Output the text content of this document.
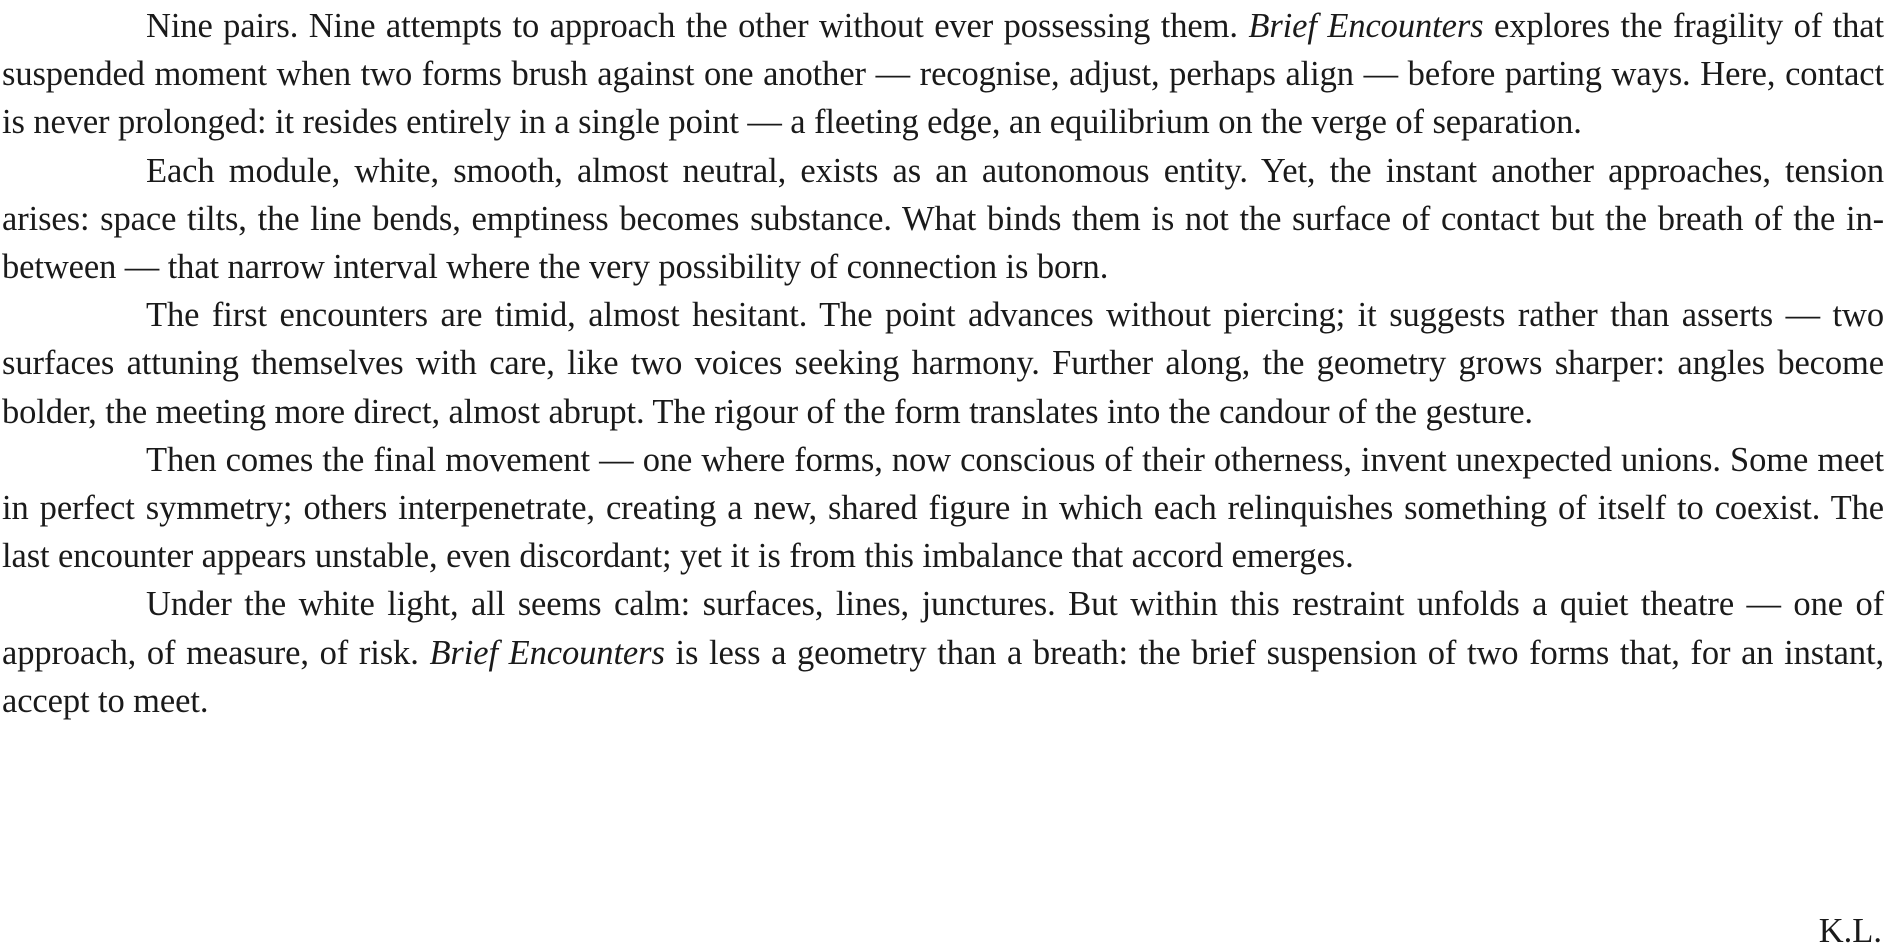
Nine pairs. Nine attempts to approach the other without ever possessing them. Brief Encounters explores the fragility of that suspended moment when two forms brush against one another — recognise, adjust, perhaps align — before parting ways. Here, contact is never prolonged: it resides entirely in a single point — a fleeting edge, an equilibrium on the verge of separation.

Each module, white, smooth, almost neutral, exists as an autonomous entity. Yet, the instant another approaches, tension arises: space tilts, the line bends, emptiness becomes substance. What binds them is not the surface of contact but the breath of the in-between — that narrow interval where the very possibility of connection is born.

The first encounters are timid, almost hesitant. The point advances without piercing; it suggests rather than asserts — two surfaces attuning themselves with care, like two voices seeking harmony. Further along, the geometry grows sharper: angles become bolder, the meeting more direct, almost abrupt. The rigour of the form translates into the candour of the gesture.

Then comes the final movement — one where forms, now conscious of their otherness, invent unexpected unions. Some meet in perfect symmetry; others interpenetrate, creating a new, shared figure in which each relinquishes something of itself to coexist. The last encounter appears unstable, even discordant; yet it is from this imbalance that accord emerges.

Under the white light, all seems calm: surfaces, lines, junctures. But within this restraint unfolds a quiet theatre — one of approach, of measure, of risk. Brief Encounters is less a geometry than a breath: the brief suspension of two forms that, for an instant, accept to meet.

K.L.
